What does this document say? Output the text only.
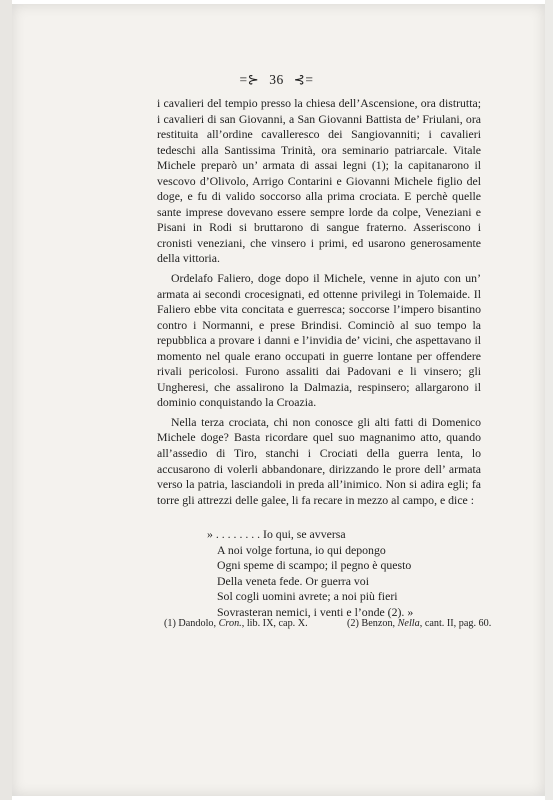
=⊱ 36 ⊰=

i cavalieri del tempio presso la chiesa dell’Ascensione, ora distrutta; i cavalieri di san Giovanni, a San Giovanni Battista de’ Friulani, ora restituita all’ordine cavalleresco dei Sangiovanniti; i cavalieri tedeschi alla Santissima Trinità, ora seminario patriarcale. Vitale Michele preparò un’ armata di assai legni (1); la capitanarono il vescovo d’Olivolo, Arrigo Contarini e Giovanni Michele figlio del doge, e fu di valido soccorso alla prima crociata. E perchè quelle sante imprese dovevano essere sempre lorde da colpe, Veneziani e Pisani in Rodi si bruttarono di sangue fraterno. Asseriscono i cronisti veneziani, che vinsero i primi, ed usarono generosamente della vittoria.

Ordelafo Faliero, doge dopo il Michele, venne in ajuto con un’ armata ai secondi crocesignati, ed ottenne privilegi in Tolemaide. Il Faliero ebbe vita concitata e guerresca; soccorse l’impero bisantino contro i Normanni, e prese Brindisi. Cominciò al suo tempo la repubblica a provare i danni e l’invidia de’ vicini, che aspettavano il momento nel quale erano occupati in guerre lontane per offendere rivali pericolosi. Furono assaliti dai Padovani e li vinsero; gli Ungheresi, che assalirono la Dalmazia, respinsero; allargarono il dominio conquistando la Croazia.

Nella terza crociata, chi non conosce gli alti fatti di Domenico Michele doge? Basta ricordare quel suo magnanimo atto, quando all’assedio di Tiro, stanchi i Crociati della guerra lenta, lo accusarono di volerli abbandonare, dirizzando le prore dell’ armata verso la patria, lasciandoli in preda all’inimico. Non si adira egli; fa torre gli attrezzi delle galee, li fa recare in mezzo al campo, e dice :

» . . . . . . . . Io qui, se avversa
A noi volge fortuna, io qui depongo
Ogni speme di scampo; il pegno è questo
Della veneta fede. Or guerra voi
Sol cogli uomini avrete; a noi più fieri
Sovrasteran nemici, i venti e l’onde (2). »
(1) Dandolo, Cron., lib. IX, cap. X.	(2) Benzon, Nella, cant. II, pag. 60.
